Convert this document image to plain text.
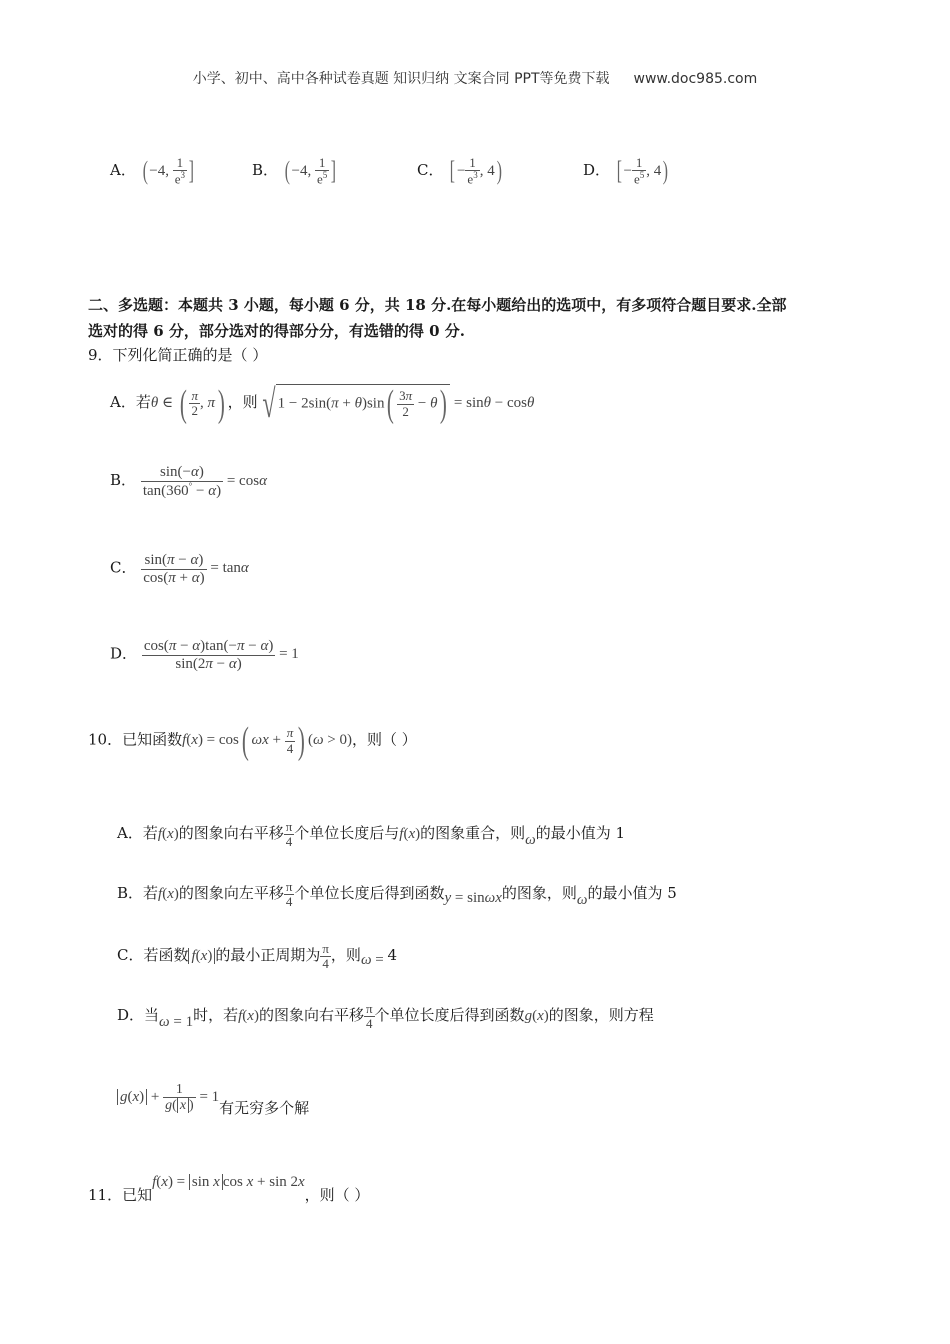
小学、初中、高中各种试卷真题 知识归纳 文案合同 PPT等免费下载 www.doc985.com
A． ( −4, $\frac{1}{e^3}$ ]	B． ( −4, $\frac{1}{e^5}$ ]	C． [ − $\frac{1}{e^3}$ , 4)	D． [ − $\frac{1}{e^5}$ , 4)
二、多选题：本题共 3 小题，每小题 6 分，共 18 分.在每小题给出的选项中，有多项符合题目要求.全部
选对的得 6 分，部分选对的得部分分，有选错的得 0 分.
9．下列化简正确的是（ ）
A．若θ ∈ ( $\frac{\pi}{2}$ , π) ，则 √ $1 - 2\sin(\pi + \theta)\sin( \frac{3\pi}{2} - \theta) = \sin\theta - \cos\theta$
B． $\frac{\sin(-\alpha)}{\tan(360^\circ - \alpha)} = \cos\alpha$
C． $\frac{\sin(\pi - \alpha)}{\cos(\pi + \alpha)} = \tan\alpha$
D． $\frac{\cos(\pi - \alpha)\tan(-\pi - \alpha)}{\sin(2\pi - \alpha)} = 1$
10．已知函数f(x) = cos( $\omega x + \frac{\pi}{4}$ ) (ω > 0)，则（ ）
A．若f(x)的图象向右平移 $\frac{\pi}{4}$ 个单位长度后与f(x)的图象重合，则ω的最小值为 1
B．若f(x)的图象向左平移 $\frac{\pi}{4}$ 个单位长度后得到函数y = sinωx的图象，则ω的最小值为 5
C．若函数 f(x) 的最小正周期为 $\frac{\pi}{4}$ ，则ω = 4
D．当ω = 1时，若f(x)的图象向右平移 $\frac{\pi}{4}$ 个单位长度后得到函数g(x)的图象，则方程
$g(x) + \frac{1}{g( x )} = 1$有无穷多个解
11．已知f(x) = sin x cos x + sin 2x，则（ ）
